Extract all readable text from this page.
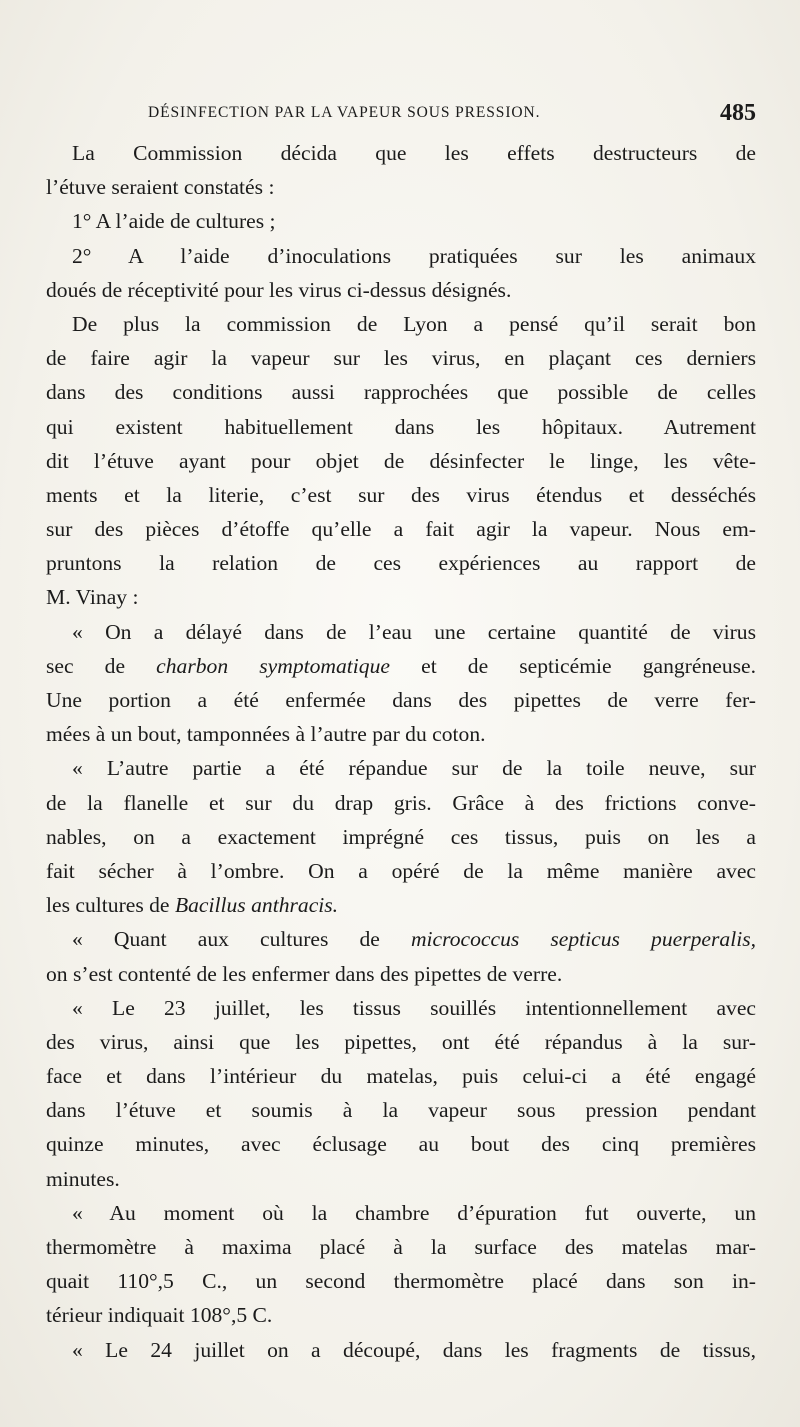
DÉSINFECTION PAR LA VAPEUR SOUS PRESSION.	485
La Commission décida que les effets destructeurs de
l’étuve seraient constatés :
1° A l’aide de cultures ;
2° A l’aide d’inoculations pratiquées sur les animaux
doués de réceptivité pour les virus ci-dessus désignés.
De plus la commission de Lyon a pensé qu’il serait bon
de faire agir la vapeur sur les virus, en plaçant ces derniers
dans des conditions aussi rapprochées que possible de celles
qui existent habituellement dans les hôpitaux. Autrement
dit l’étuve ayant pour objet de désinfecter le linge, les vête-
ments et la literie, c’est sur des virus étendus et desséchés
sur des pièces d’étoffe qu’elle a fait agir la vapeur. Nous em-
pruntons la relation de ces expériences au rapport de
M. Vinay :
« On a délayé dans de l’eau une certaine quantité de virus
sec de charbon symptomatique et de septicémie gangréneuse.
Une portion a été enfermée dans des pipettes de verre fer-
mées à un bout, tamponnées à l’autre par du coton.
« L’autre partie a été répandue sur de la toile neuve, sur
de la flanelle et sur du drap gris. Grâce à des frictions conve-
nables, on a exactement imprégné ces tissus, puis on les a
fait sécher à l’ombre. On a opéré de la même manière avec
les cultures de Bacillus anthracis.
« Quant aux cultures de micrococcus septicus puerperalis,
on s’est contenté de les enfermer dans des pipettes de verre.
« Le 23 juillet, les tissus souillés intentionnellement avec
des virus, ainsi que les pipettes, ont été répandus à la sur-
face et dans l’intérieur du matelas, puis celui-ci a été engagé
dans l’étuve et soumis à la vapeur sous pression pendant
quinze minutes, avec éclusage au bout des cinq premières
minutes.
« Au moment où la chambre d’épuration fut ouverte, un
thermomètre à maxima placé à la surface des matelas mar-
quait 110°,5 C., un second thermomètre placé dans son in-
térieur indiquait 108°,5 C.
« Le 24 juillet on a découpé, dans les fragments de tissus,
